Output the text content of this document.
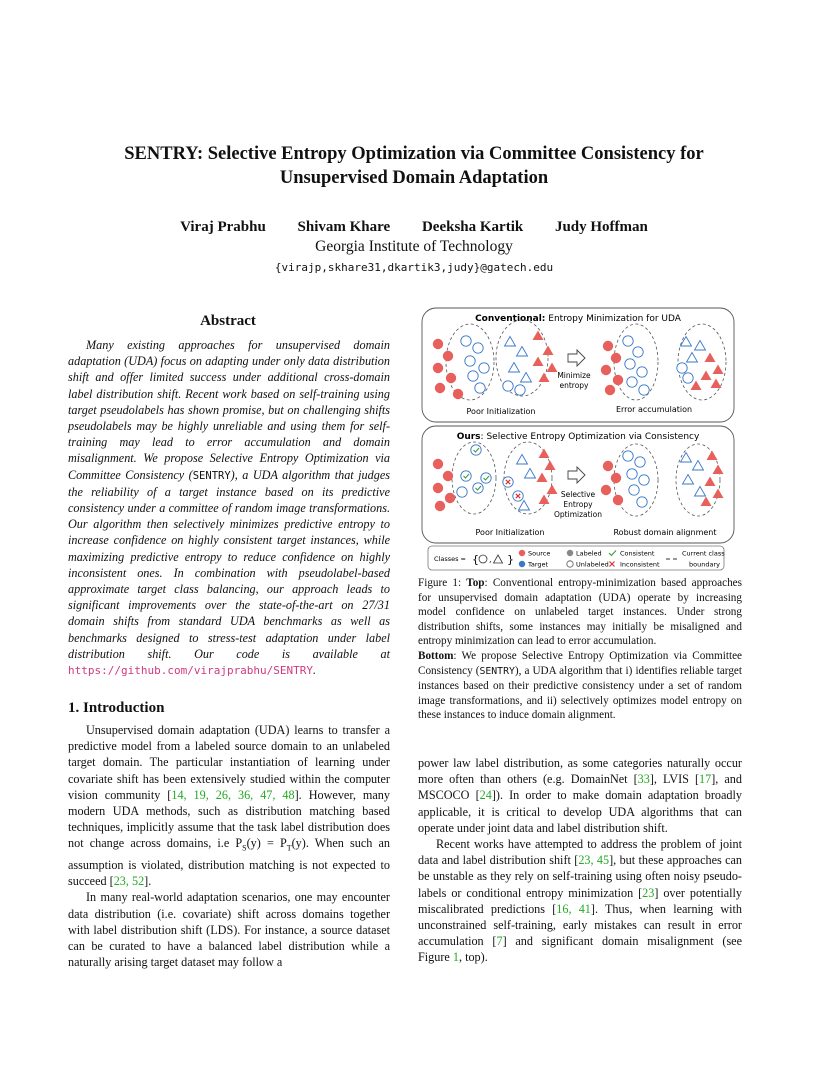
SENTRY: Selective Entropy Optimization via Committee Consistency for
Unsupervised Domain Adaptation
Viraj Prabhu Shivam Khare Deeksha Kartik Judy Hoffman
Georgia Institute of Technology
{virajp,skhare31,dkartik3,judy}@gatech.edu
Abstract
Many existing approaches for unsupervised domain adaptation (UDA) focus on adapting under only data distribution shift and offer limited success under additional cross-domain label distribution shift. Recent work based on self-training using target pseudolabels has shown promise, but on challenging shifts pseudolabels may be highly unreliable and using them for self-training may lead to error accumulation and domain misalignment. We propose Selective Entropy Optimization via Committee Consistency (SENTRY), a UDA algorithm that judges the reliability of a target instance based on its predictive consistency under a committee of random image transformations. Our algorithm then selectively minimizes predictive entropy to increase confidence on highly consistent target instances, while maximizing predictive entropy to reduce confidence on highly inconsistent ones. In combination with pseudolabel-based approximate target class balancing, our approach leads to significant improvements over the state-of-the-art on 27/31 domain shifts from standard UDA benchmarks as well as benchmarks designed to stress-test adaptation under label distribution shift. Our code is available at https://github.com/virajprabhu/SENTRY.
1. Introduction

Unsupervised domain adaptation (UDA) learns to transfer a predictive model from a labeled source domain to an unlabeled target domain. The particular instantiation of learning under covariate shift has been extensively studied within the computer vision community [14, 19, 26, 36, 47, 48]. However, many modern UDA methods, such as distribution matching based techniques, implicitly assume that the task label distribution does not change across domains, i.e $P_S(y) = P_T(y)$. When such an assumption is violated, distribution matching is not expected to succeed [23, 52].

In many real-world adaptation scenarios, one may encounter data distribution (i.e. covariate) shift across domains together with label distribution shift (LDS). For instance, a source dataset can be curated to have a balanced label distribution while a naturally arising target dataset may follow a

power law label distribution, as some categories naturally occur more often than others (e.g. DomainNet [33], LVIS [17], and MSCOCO [24]). In order to make domain adaptation broadly applicable, it is critical to develop UDA algorithms that can operate under joint data and label distribution shift.

Recent works have attempted to address the problem of joint data and label distribution shift [23, 45], but these approaches can be unstable as they rely on self-training using often noisy pseudo-labels or conditional entropy minimization [23] over potentially miscalibrated predictions [16, 41]. Thus, when learning with unconstrained self-training, early mistakes can result in error accumulation [7] and significant domain misalignment (see Figure 1, top).

Conventional: Entropy Minimization for UDA
Minimize
entropy
Poor Initialization	Error accumulation
Ours: Selective Entropy Optimization via Consistency
Selective
Entropy
Optimization
Poor Initialization	Robust domain alignment
Classes = { , } Source
Target
Labeled
Unlabeled
Consistent
Inconsistent
Current class
boundary
Figure 1: Top: Conventional entropy-minimization based approaches for unsupervised domain adaptation (UDA) operate by increasing model confidence on unlabeled target instances. Under strong distribution shifts, some instances may initially be misaligned and entropy minimization can lead to error accumulation.
Bottom: We propose Selective Entropy Optimization via Committee Consistency (SENTRY), a UDA algorithm that i) identifies reliable target instances based on their predictive consistency under a set of random image transformations, and ii) selectively optimizes model entropy on these instances to induce domain alignment.
